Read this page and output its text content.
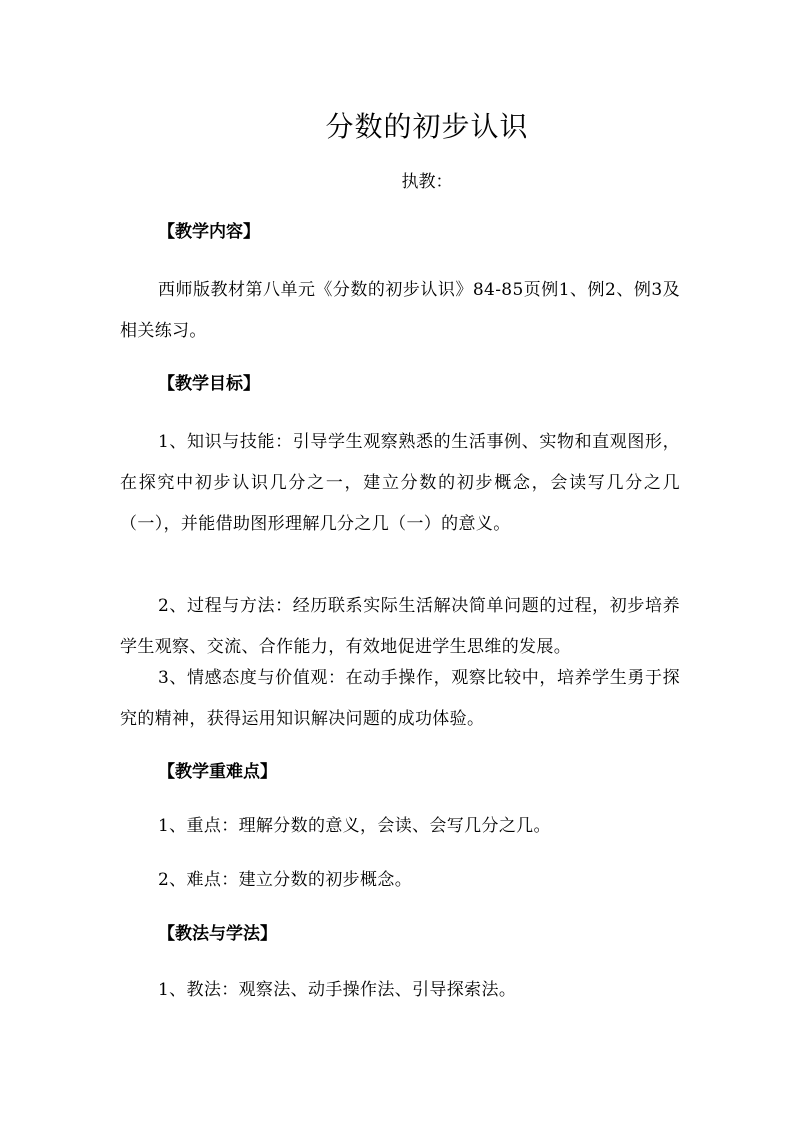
分数的初步认识
执教：
【教学内容】
西师版教材第八单元《分数的初步认识》84-85页例1、例2、例3及相关练习。
【教学目标】
1、知识与技能：引导学生观察熟悉的生活事例、实物和直观图形，在探究中初步认识几分之一，建立分数的初步概念，会读写几分之几（一），并能借助图形理解几分之几（一）的意义。
2、过程与方法：经历联系实际生活解决简单问题的过程，初步培养学生观察、交流、合作能力，有效地促进学生思维的发展。
3、情感态度与价值观：在动手操作，观察比较中，培养学生勇于探究的精神，获得运用知识解决问题的成功体验。
【教学重难点】
1、重点：理解分数的意义，会读、会写几分之几。
2、难点：建立分数的初步概念。
【教法与学法】
1、教法：观察法、动手操作法、引导探索法。
